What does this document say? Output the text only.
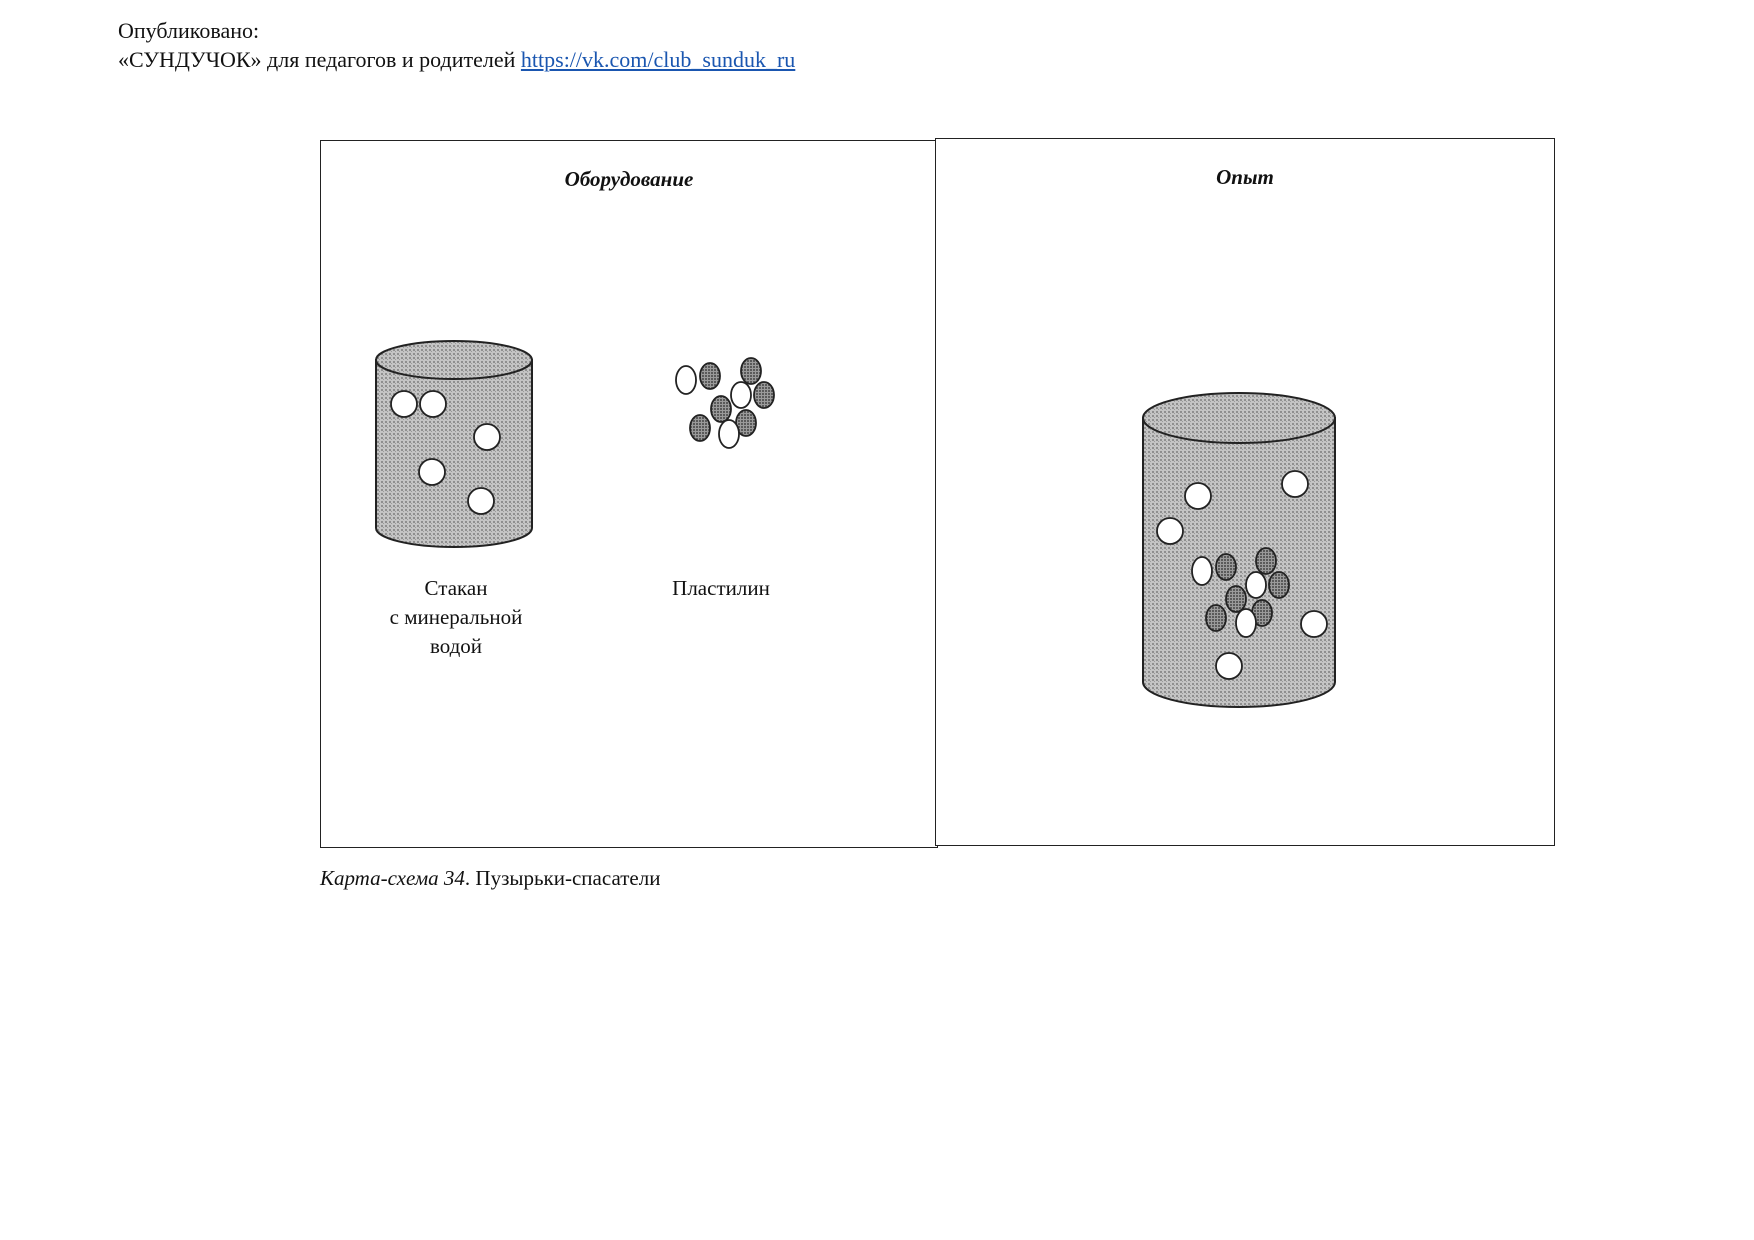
Опубликовано:
«СУНДУЧОК» для педагогов и родителей https://vk.com/club_sunduk_ru
Оборудование
Стакан
с минеральной
водой
Пластилин
Опыт
Карта-схема 34. Пузырьки-спасатели
